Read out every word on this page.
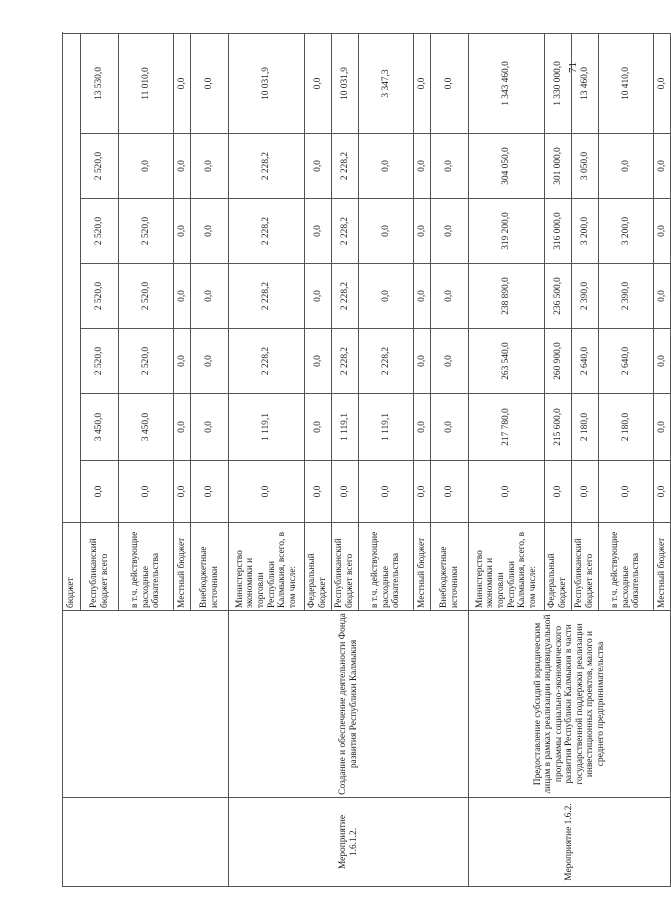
		бюджет								
		Республиканский бюджет всего	0,0	3 450,0	2 520,0	2 520,0	2 520,0	2 520,0	13 530,0	
		в т.ч. действующие расходные обязательства	0,0	3 450,0	2 520,0	2 520,0	2 520,0	0,0	11 010,0	
		Местный бюджет	0,0	0,0	0,0	0,0	0,0	0,0	0,0	
		Внебюджетные источники	0,0	0,0	0,0	0,0	0,0	0,0	0,0	
Мероприятие 1.6.1.2.	Создание и обеспечение деятельности Фонда развития Республики Калмыкия	Министерство экономики и торговли Республики Калмыкия, всего, в том числе:	0,0	1 119,1	2 228,2	2 228,2	2 228,2	2 228,2	10 031,9	
		Федеральный бюджет	0,0	0,0	0,0	0,0	0,0	0,0	0,0	
		Республиканский бюджет всего	0,0	1 119,1	2 228,2	2 228,2	2 228,2	2 228,2	10 031,9	
		в т.ч. действующие расходные обязательства	0,0	1 119,1	2 228,2	0,0	0,0	0,0	3 347,3	
		Местный бюджет	0,0	0,0	0,0	0,0	0,0	0,0	0,0	
		Внебюджетные источники	0,0	0,0	0,0	0,0	0,0	0,0	0,0	
Мероприятие 1.6.2.	Предоставление субсидий юридическим лицам в рамках реализации индивидуальной программы социально-экономического развития Республики Калмыкия в части государственной поддержки реализации инвестиционных проектов, малого и среднего предпринимательства	Министерство экономики и торговли Республики Калмыкия, всего, в том числе:	0,0	217 780,0	263 540,0	238 890,0	319 200,0	304 050,0	1 343 460,0	
		Федеральный бюджет	0,0	215 600,0	260 900,0	236 500,0	316 000,0	301 000,0	1 330 000,0	
		Республиканский бюджет всего	0,0	2 180,0	2 640,0	2 390,0	3 200,0	3 050,0	13 460,0	
		в т.ч. действующие расходные обязательства	0,0	2 180,0	2 640,0	2 390,0	3 200,0	0,0	10 410,0	
		Местный бюджет	0,0	0,0	0,0	0,0	0,0	0,0	0,0	
71
